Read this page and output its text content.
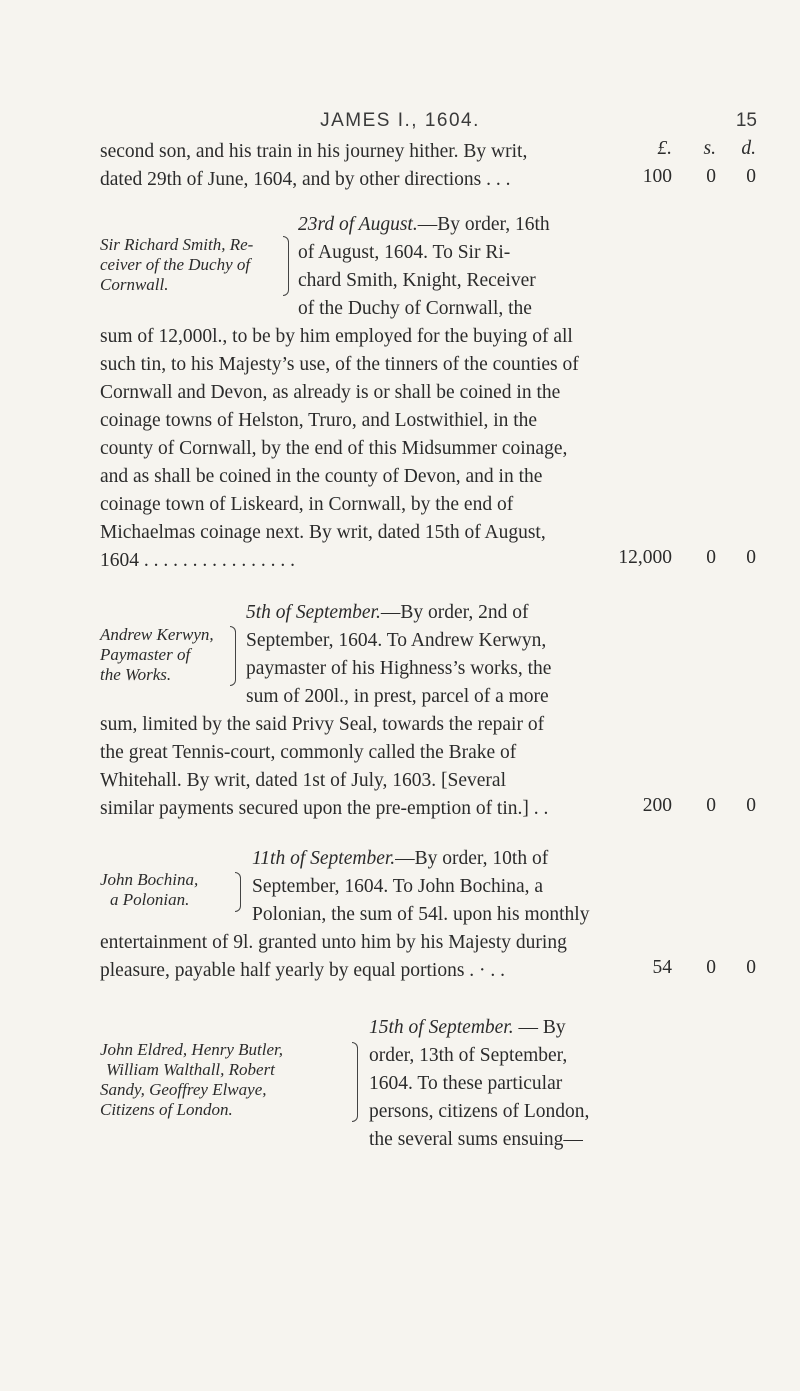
JAMES I., 1604.	15
£. s. d.
second son, and his train in his journey hither. By writ,
dated 29th of June, 1604, and by other directions . . .	100 0 0
Sir Richard Smith, Re-
ceiver of the Duchy of
Cornwall.
23rd of August.—By order, 16th
of August, 1604. To Sir Ri-
chard Smith, Knight, Receiver
of the Duchy of Cornwall, the
sum of 12,000l., to be by him employed for the buying of all
such tin, to his Majesty’s use, of the tinners of the counties of
Cornwall and Devon, as already is or shall be coined in the
coinage towns of Helston, Truro, and Lostwithiel, in the
county of Cornwall, by the end of this Midsummer coinage,
and as shall be coined in the county of Devon, and in the
coinage town of Liskeard, in Cornwall, by the end of
Michaelmas coinage next. By writ, dated 15th of August,
1604 . . . . . . . . . . . . . . . .	12,000 0 0
Andrew Kerwyn,
Paymaster of
the Works.
5th of September.—By order, 2nd of
September, 1604. To Andrew Kerwyn,
paymaster of his Highness’s works, the
sum of 200l., in prest, parcel of a more
sum, limited by the said Privy Seal, towards the repair of
the great Tennis-court, commonly called the Brake of
Whitehall. By writ, dated 1st of July, 1603. [Several
similar payments secured upon the pre-emption of tin.] . .	200 0 0
John Bochina,
a Polonian.
11th of September.—By order, 10th of
September, 1604. To John Bochina, a
Polonian, the sum of 54l. upon his monthly
entertainment of 9l. granted unto him by his Majesty during
pleasure, payable half yearly by equal portions . · . .	54 0 0
John Eldred, Henry Butler,
William Walthall, Robert
Sandy, Geoffrey Elwaye,
Citizens of London.
15th of September. — By
order, 13th of September,
1604. To these particular
persons, citizens of London,
the several sums ensuing—
